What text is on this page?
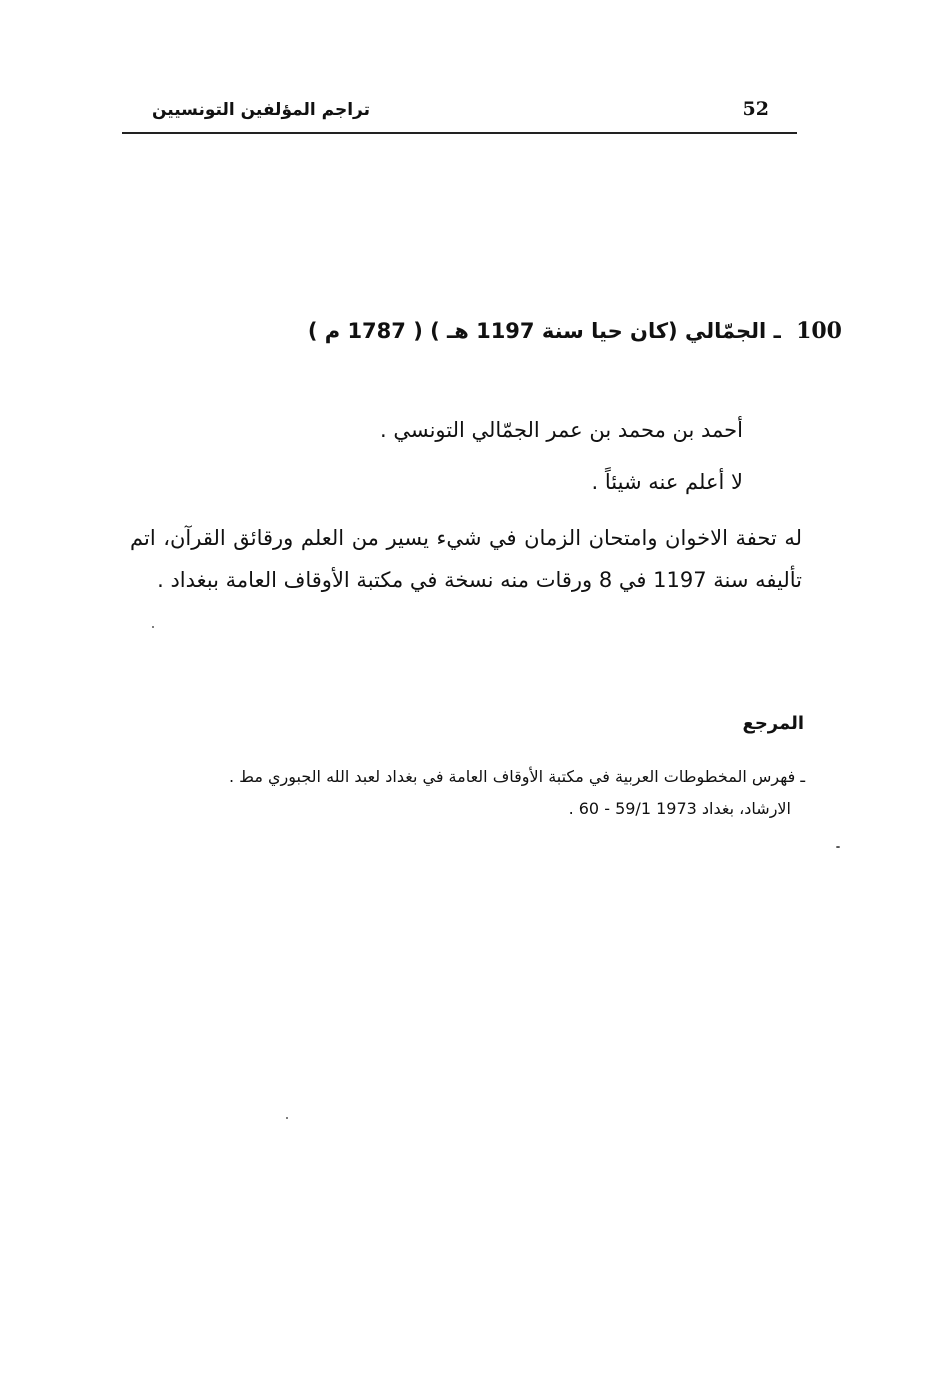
تراجم المؤلفين التونسيين	52
100 ـ الجمّالي (كان حيا سنة 1197 هـ ) ( 1787 م )
أحمد بن محمد بن عمر الجمّالي التونسي .
لا أعلم عنه شيئاً .
له تحفة الاخوان وامتحان الزمان في شيء يسير من العلم ورقائق القرآن، اتم تأليفه سنة 1197 في 8 ورقات منه نسخة في مكتبة الأوقاف العامة ببغداد .
المرجع
ـ فهرس المخطوطات العربية في مكتبة الأوقاف العامة في بغداد لعبد الله الجبوري مط .
الارشاد، بغداد 1973 59/1 - 60 .
